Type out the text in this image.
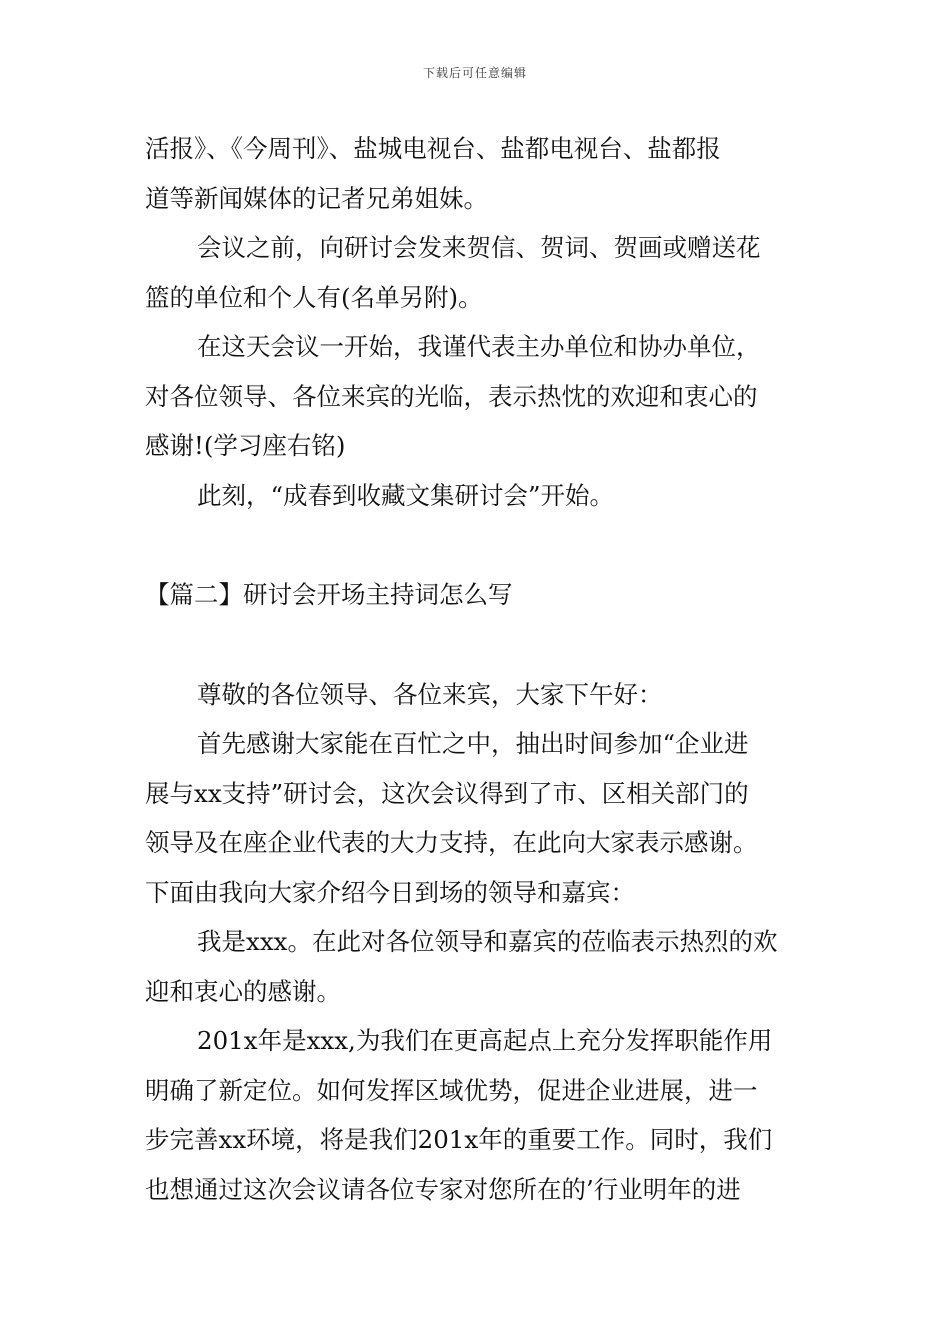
下载后可任意编辑

活报》、《今周刊》、盐城电视台、盐都电视台、盐都报

道等新闻媒体的记者兄弟姐妹。

会议之前，向研讨会发来贺信、贺词、贺画或赠送花

篮的单位和个人有(名单另附)。

在这天会议一开始，我谨代表主办单位和协办单位，

对各位领导、各位来宾的光临，表示热忱的欢迎和衷心的

感谢!(学习座右铭)

此刻，“成春到收藏文集研讨会”开始。

【篇二】研讨会开场主持词怎么写

尊敬的各位领导、各位来宾，大家下午好：

首先感谢大家能在百忙之中，抽出时间参加“企业进

展与xx支持”研讨会，这次会议得到了市、区相关部门的

领导及在座企业代表的大力支持，在此向大家表示感谢。

下面由我向大家介绍今日到场的领导和嘉宾：

我是xxx。在此对各位领导和嘉宾的莅临表示热烈的欢

迎和衷心的感谢。

201x年是xxx,为我们在更高起点上充分发挥职能作用

明确了新定位。如何发挥区域优势，促进企业进展，进一

步完善xx环境，将是我们201x年的重要工作。同时，我们

也想通过这次会议请各位专家对您所在的’行业明年的进
